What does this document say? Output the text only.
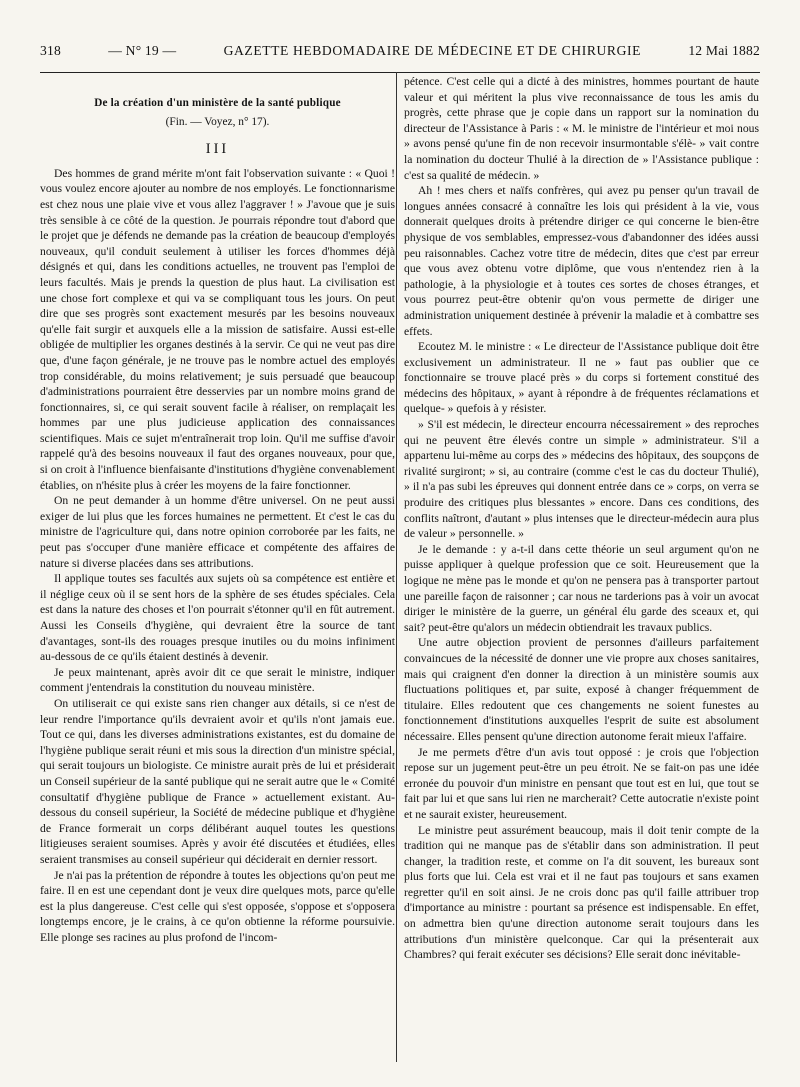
318	— N° 19 —	GAZETTE HEBDOMADAIRE DE MÉDECINE ET DE CHIRURGIE	12 Mai 1882
De la création d'un ministère de la santé publique
(Fin. — Voyez, n° 17).
III

Des hommes de grand mérite m'ont fait l'observation suivante : « Quoi ! vous voulez encore ajouter au nombre de nos employés. Le fonctionnarisme est chez nous une plaie vive et vous allez l'aggraver ! » J'avoue que je suis très sensible à ce côté de la question. Je pourrais répondre tout d'abord que le projet que je défends ne demande pas la création de beaucoup d'employés nouveaux, qu'il conduit seulement à utiliser les forces d'hommes déjà désignés et qui, dans les conditions actuelles, ne trouvent pas l'emploi de leurs facultés. Mais je prends la question de plus haut. La civilisation est une chose fort complexe et qui va se compliquant tous les jours. On peut dire que ses progrès sont exactement mesurés par les besoins nouveaux qu'elle fait surgir et auxquels elle a la mission de satisfaire. Aussi est-elle obligée de multiplier les organes destinés à la servir. Ce qui ne veut pas dire que, d'une façon générale, je ne trouve pas le nombre actuel des employés trop considérable, du moins relativement; je suis persuadé que beaucoup d'administrations pourraient être desservies par un nombre moins grand de fonctionnaires, si, ce qui serait souvent facile à réaliser, on remplaçait les hommes par une plus judicieuse application des connaissances scientifiques. Mais ce sujet m'entraînerait trop loin. Qu'il me suffise d'avoir rappelé qu'à des besoins nouveaux il faut des organes nouveaux, pour que, si on croit à l'influence bienfaisante d'institutions d'hygiène convenablement établies, on n'hésite plus à créer les moyens de la faire fonctionner.

On ne peut demander à un homme d'être universel. On ne peut aussi exiger de lui plus que les forces humaines ne permettent. Et c'est le cas du ministre de l'agriculture qui, dans notre opinion corroborée par les faits, ne peut pas s'occuper d'une manière efficace et compétente des affaires de nature si diverse placées dans ses attributions.

Il applique toutes ses facultés aux sujets où sa compétence est entière et il néglige ceux où il se sent hors de la sphère de ses études spéciales. Cela est dans la nature des choses et l'on pourrait s'étonner qu'il en fût autrement. Aussi les Conseils d'hygiène, qui devraient être la source de tant d'avantages, sont-ils des rouages presque inutiles ou du moins infiniment au-dessous de ce qu'ils étaient destinés à devenir.

Je peux maintenant, après avoir dit ce que serait le ministre, indiquer comment j'entendrais la constitution du nouveau ministère.

On utiliserait ce qui existe sans rien changer aux détails, si ce n'est de leur rendre l'importance qu'ils devraient avoir et qu'ils n'ont jamais eue. Tout ce qui, dans les diverses administrations existantes, est du domaine de l'hygiène publique serait réuni et mis sous la direction d'un ministre spécial, qui serait toujours un biologiste. Ce ministre aurait près de lui et présiderait un Conseil supérieur de la santé publique qui ne serait autre que le « Comité consultatif d'hygiène publique de France » actuellement existant. Au-dessous du conseil supérieur, la Société de médecine publique et d'hygiène de France formerait un corps délibérant auquel toutes les questions litigieuses seraient soumises. Après y avoir été discutées et étudiées, elles seraient transmises au conseil supérieur qui déciderait en dernier ressort.

Je n'ai pas la prétention de répondre à toutes les objections qu'on peut me faire. Il en est une cependant dont je veux dire quelques mots, parce qu'elle est la plus dangereuse. C'est celle qui s'est opposée, s'oppose et s'opposera longtemps encore, je le crains, à ce qu'on obtienne la réforme poursuivie. Elle plonge ses racines au plus profond de l'incom-

pétence. C'est celle qui a dicté à des ministres, hommes pourtant de haute valeur et qui méritent la plus vive reconnaissance de tous les amis du progrès, cette phrase que je copie dans un rapport sur la nomination du directeur de l'Assistance à Paris : « M. le ministre de l'intérieur et moi nous » avons pensé qu'une fin de non recevoir insurmontable s'élè- » vait contre la nomination du docteur Thulié à la direction de » l'Assistance publique : c'est sa qualité de médecin. »

Ah ! mes chers et naïfs confrères, qui avez pu penser qu'un travail de longues années consacré à connaître les lois qui président à la vie, vous donnerait quelques droits à prétendre diriger ce qui concerne le bien-être physique de vos semblables, empressez-vous d'abandonner des idées aussi peu raisonnables. Cachez votre titre de médecin, dites que c'est par erreur que vous avez obtenu votre diplôme, que vous n'entendez rien à la pathologie, à la physiologie et à toutes ces sortes de choses étranges, et vous pourrez peut-être obtenir qu'on vous permette de diriger une administration uniquement destinée à prévenir la maladie et à combattre ses effets.

Ecoutez M. le ministre : « Le directeur de l'Assistance publique doit être exclusivement un administrateur. Il ne » faut pas oublier que ce fonctionnaire se trouve placé près » du corps si fortement constitué des médecins des hôpitaux, » ayant à répondre à de fréquentes réclamations et quelque- » quefois à y résister.

» S'il est médecin, le directeur encourra nécessairement » des reproches qui ne peuvent être élevés contre un simple » administrateur. S'il a appartenu lui-même au corps des » médecins des hôpitaux, des soupçons de rivalité surgiront; » si, au contraire (comme c'est le cas du docteur Thulié), » il n'a pas subi les épreuves qui donnent entrée dans ce » corps, on verra se produire des critiques plus blessantes » encore. Dans ces conditions, des conflits naîtront, d'autant » plus intenses que le directeur-médecin aura plus de valeur » personnelle. »

Je le demande : y a-t-il dans cette théorie un seul argument qu'on ne puisse appliquer à quelque profession que ce soit. Heureusement que la logique ne mène pas le monde et qu'on ne pensera pas à transporter partout une pareille façon de raisonner ; car nous ne tarderions pas à voir un avocat diriger le ministère de la guerre, un général élu garde des sceaux et, qui sait? peut-être qu'alors un médecin obtiendrait les travaux publics.

Une autre objection provient de personnes d'ailleurs parfaitement convaincues de la nécessité de donner une vie propre aux choses sanitaires, mais qui craignent d'en donner la direction à un ministère soumis aux fluctuations politiques et, par suite, exposé à changer fréquemment de titulaire. Elles redoutent que ces changements ne soient funestes au fonctionnement d'institutions auxquelles l'esprit de suite est absolument nécessaire. Elles pensent qu'une direction autonome ferait mieux l'affaire.

Je me permets d'être d'un avis tout opposé : je crois que l'objection repose sur un jugement peut-être un peu étroit. Ne se fait-on pas une idée erronée du pouvoir d'un ministre en pensant que tout est en lui, que tout se fait par lui et que sans lui rien ne marcherait? Cette autocratie n'existe point et ne saurait exister, heureusement.

Le ministre peut assurément beaucoup, mais il doit tenir compte de la tradition qui ne manque pas de s'établir dans son administration. Il peut changer, la tradition reste, et comme on l'a dit souvent, les bureaux sont plus forts que lui. Cela est vrai et il ne faut pas toujours et sans examen regretter qu'il en soit ainsi. Je ne crois donc pas qu'il faille attribuer trop d'importance au ministre : pourtant sa présence est indispensable. En effet, on admettra bien qu'une direction autonome serait toujours dans les attributions d'un ministère quelconque. Car qui la présenterait aux Chambres? qui ferait exécuter ses décisions? Elle serait donc inévitable-
